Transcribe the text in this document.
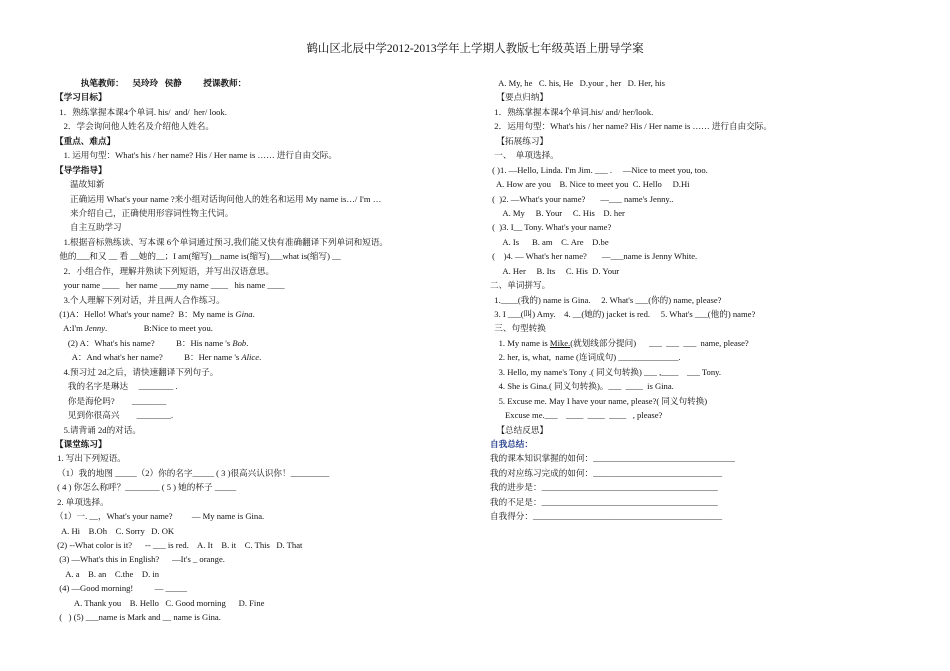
鹤山区北辰中学2012-2013学年上学期人教版七年级英语上册导学案
执笔教师：    吴玲玲   侯静          授课教师：
【学习目标】
1．熟练掌握本课4个单词. his/  and/  her/ look.
2．学会询问他人姓名及介绍他人姓名。
【重点、难点】
1. 运用句型：What's his / her name? His / Her name is …… 进行自由交际。
【导学指导】
温故知新
正确运用 What's your name ?来小组对话询问他人的姓名和运用 My name is…/ I'm …
来介绍自己，正确使用形容词性物主代词。
自主互助学习
1.根据音标熟练读、写本课 6个单词通过预习,我们能又快有准确翻译下列单词和短语。
他的___和又 __ 看 __她的__；I am(缩写)__name is(缩写)___what is(缩写) __
2．小组合作，理解并熟读下列短语，并写出汉语意思。
your name ____   her name ____my name ____   his name ____
3.个人理解下列对话，并且两人合作练习。
(1)A：Hello! What's your name?  B：My name is Gina.
A:I'm Jenny.                 B:Nice to meet you.
(2) A：What's his name?          B：His name 's Bob.
A：And what's her name?          B：Her name 's Alice.
4.预习过 2d之后，请快速翻译下列句子。
我的名字是琳达     ________ .
你是海伦吗?        ________
见到你很高兴        ________.
5.请背诵 2d的对话。
【课堂练习】
1. 写出下列短语。
（1）我的地图 _____（2）你的名字_____ ( 3 )很高兴认识你！_________
( 4 ) 你怎么称呼？________ ( 5 ) 她的杯子 _____
2. 单项选择。
（1）一. __，What's your name?         — My name is Gina.
A. Hi    B.Oh    C. Sorry   D. OK
(2) --What color is it?      -- ___ is red.    A. It    B. it    C. This   D. That
(3) —What's this in English?      —It's _ orange.
A. a    B. an    C.the    D. in
(4) —Good morning!          — _____
A. Thank you    B. Hello   C. Good morning      D. Fine
(   ) (5) ___name is Mark and __ name is Gina.
A. My, he   C. his, He   D.your , her   D. Her, his
【要点归纳】
1．熟练掌握本课4个单词.his/ and/ her/look.
2．运用句型：What's his / her name? His / Her name is …… 进行自由交际。
【拓展练习】
一、  单项选择。
( )1. —Hello, Linda. I'm Jim. ___ .     —Nice to meet you, too.
A. How are you    B. Nice to meet you  C. Hello     D.Hi
(  )2. —What's your name?       —___ name's Jenny..
A. My     B. Your     C. His    D. her
(  )3. I__ Tony. What's your name?
A. Is      B. am    C. Are    D.be
(    )4. — What's her name?       —___name is Jenny White.
A. Her     B. Its     C. His  D. Your
二、单词拼写。
1.____(我的) name is Gina.     2. What's ___(你的) name, please?
3. I ___(叫) Amy.    4. __(她的) jacket is red.     5. What's ___(他的) name?
三、句型转换
1. My name is Mike.(就划线部分提问)      ___  ___  ___  name, please?
2. her, is, what,  name (连词成句) ______________.
3. Hello, my name's Tony .( 同义句转换) ___ ,____    ___ Tony.
4. She is Gina.( 同义句转换)。___  ____  is Gina.
5. Excuse me. May I have your name, please?( 同义句转换)
Excuse me.___    ____  ____  ____   , please?
【总结反思】
自我总结：
我的课本知识掌握的如何：_________________________________
我的对应练习完成的如何：______________________________
我的进步是：_________________________________________
我的不足是：_________________________________________
自我得分：____________________________________________
